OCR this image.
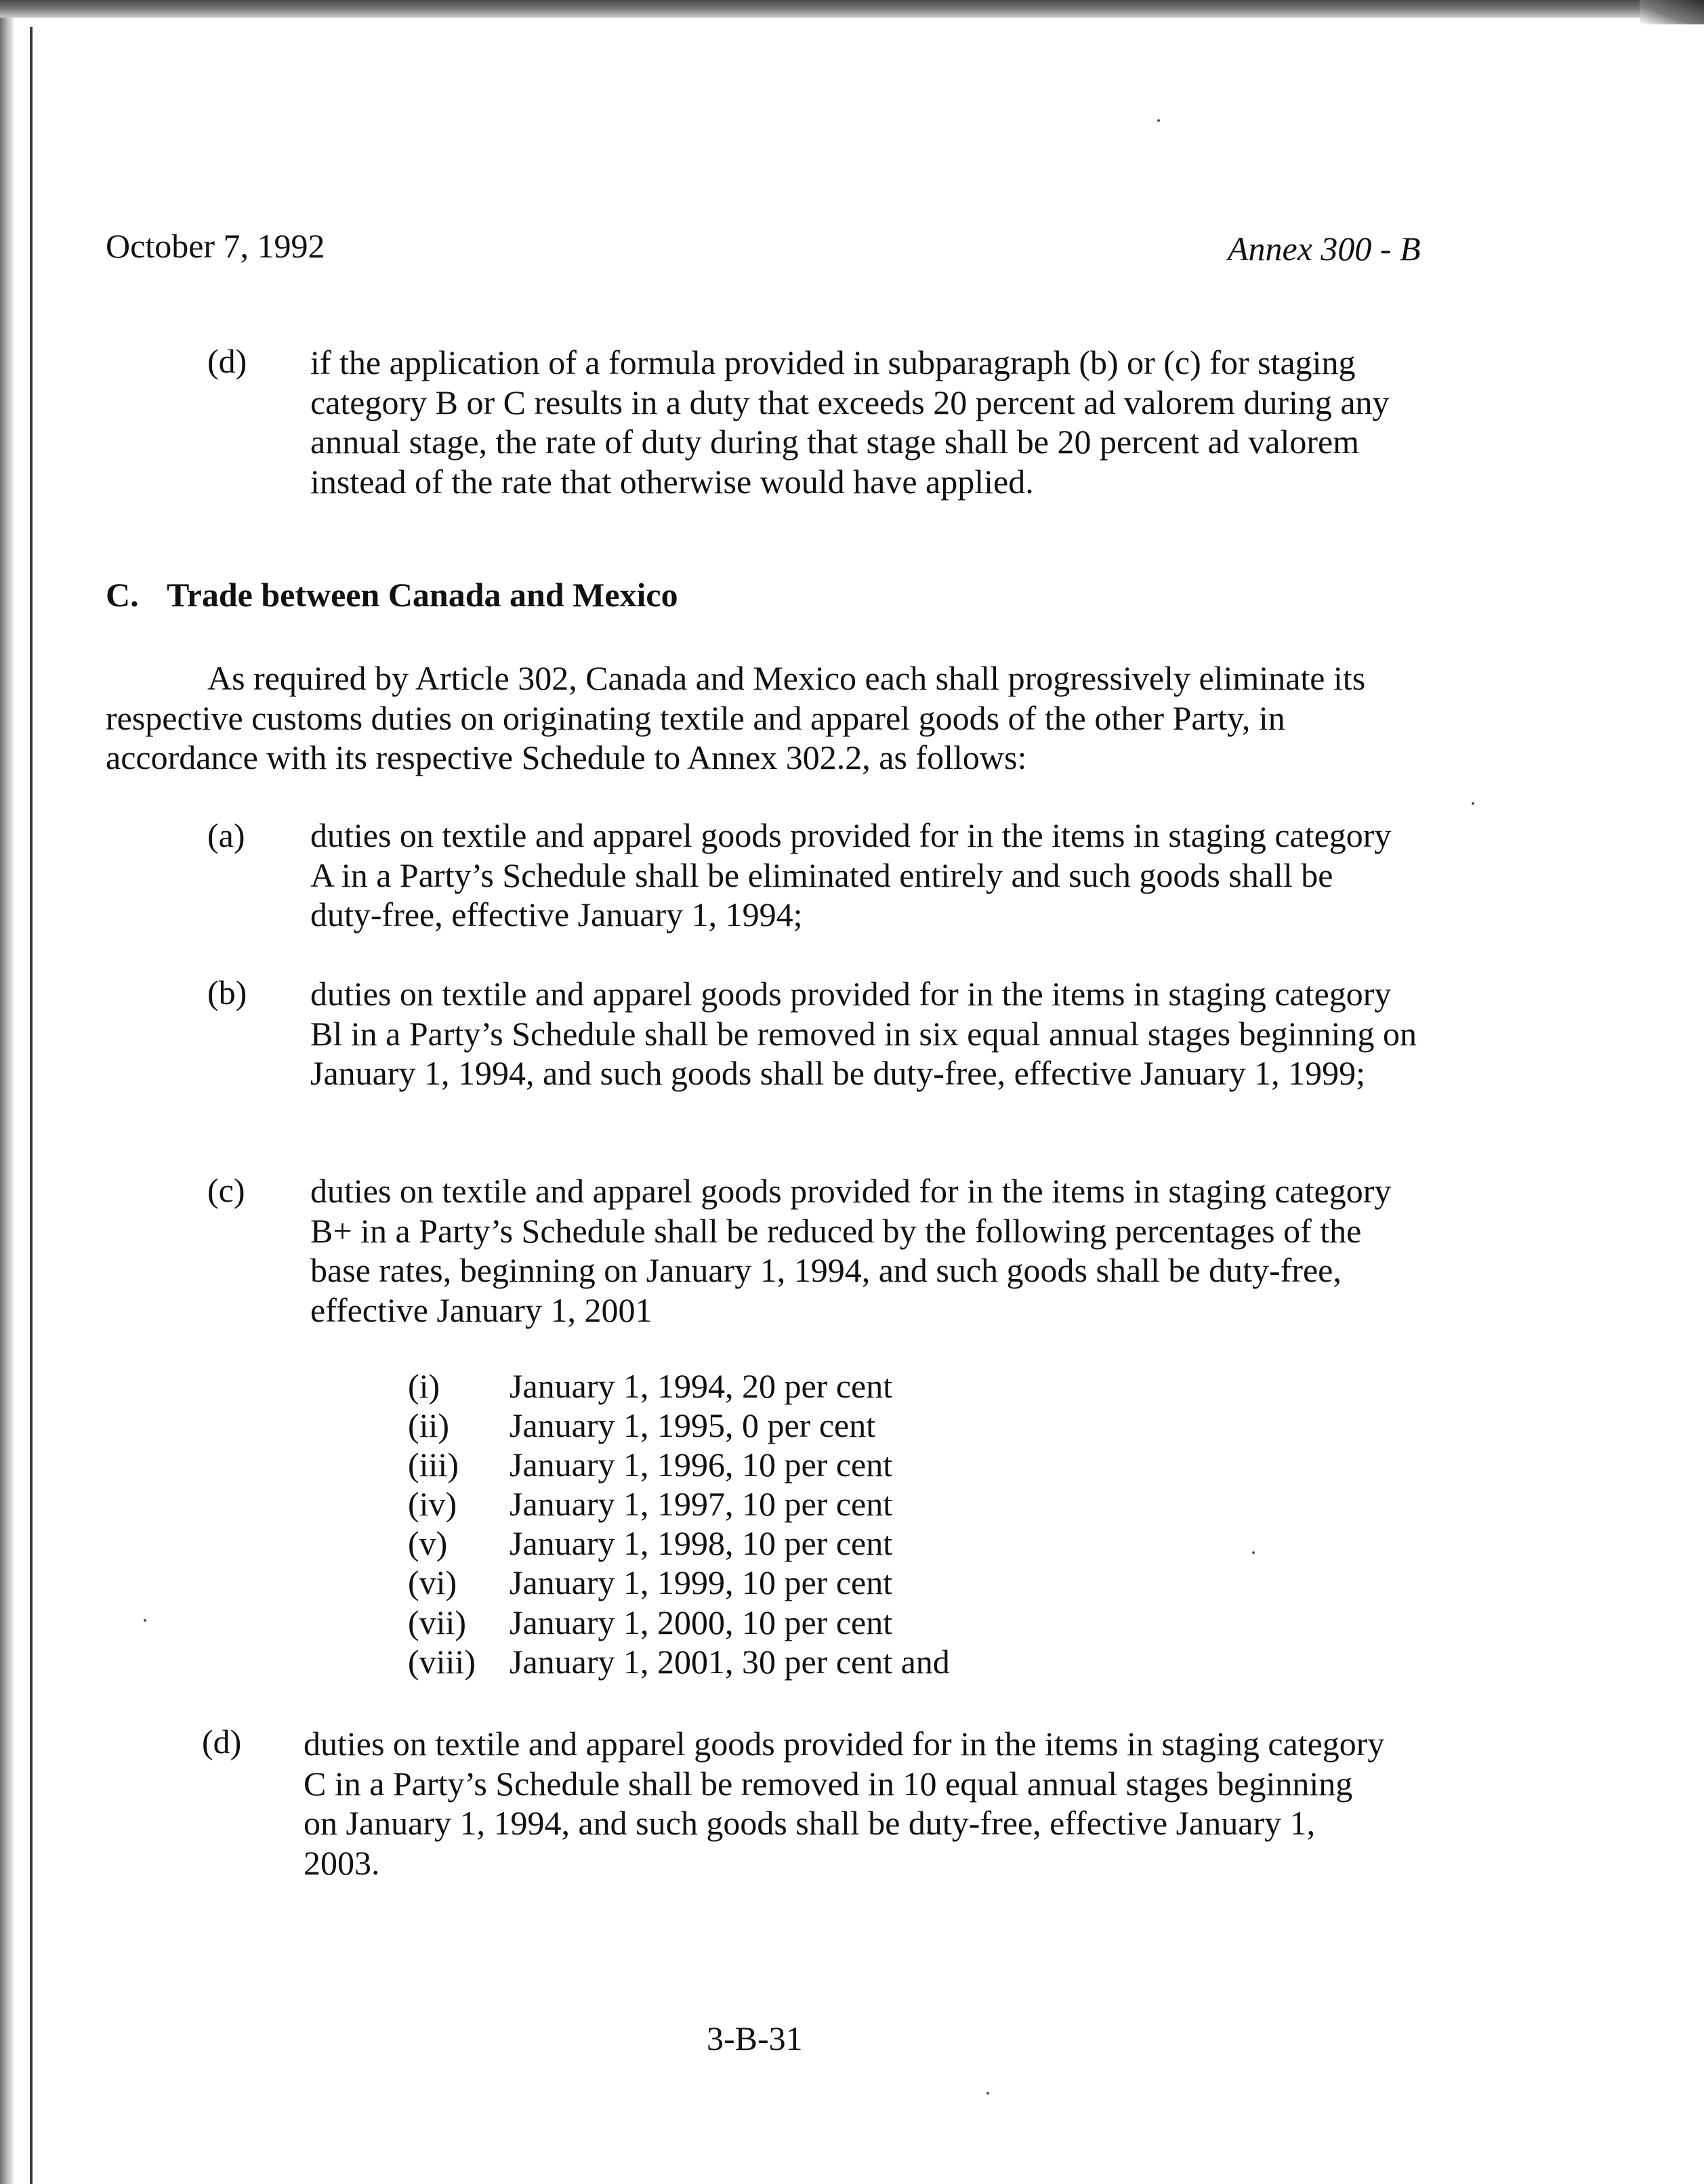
October 7, 1992	Annex 300 - B
(d) if the application of a formula provided in subparagraph (b) or (c) for staging category B or C results in a duty that exceeds 20 percent ad valorem during any annual stage, the rate of duty during that stage shall be 20 percent ad valorem instead of the rate that otherwise would have applied.
C. Trade between Canada and Mexico
As required by Article 302, Canada and Mexico each shall progressively eliminate its respective customs duties on originating textile and apparel goods of the other Party, in accordance with its respective Schedule to Annex 302.2, as follows:
(a) duties on textile and apparel goods provided for in the items in staging category A in a Party’s Schedule shall be eliminated entirely and such goods shall be duty-free, effective January 1, 1994;
(b) duties on textile and apparel goods provided for in the items in staging category Bl in a Party’s Schedule shall be removed in six equal annual stages beginning on January 1, 1994, and such goods shall be duty-free, effective January 1, 1999;
(c) duties on textile and apparel goods provided for in the items in staging category B+ in a Party’s Schedule shall be reduced by the following percentages of the base rates, beginning on January 1, 1994, and such goods shall be duty-free, effective January 1, 2001
(i) January 1, 1994, 20 per cent
(ii) January 1, 1995, 0 per cent
(iii) January 1, 1996, 10 per cent
(iv) January 1, 1997, 10 per cent
(v) January 1, 1998, 10 per cent
(vi) January 1, 1999, 10 per cent
(vii) January 1, 2000, 10 per cent
(viii) January 1, 2001, 30 per cent and
(d) duties on textile and apparel goods provided for in the items in staging category C in a Party’s Schedule shall be removed in 10 equal annual stages beginning on January 1, 1994, and such goods shall be duty-free, effective January 1, 2003.
3-B-31
